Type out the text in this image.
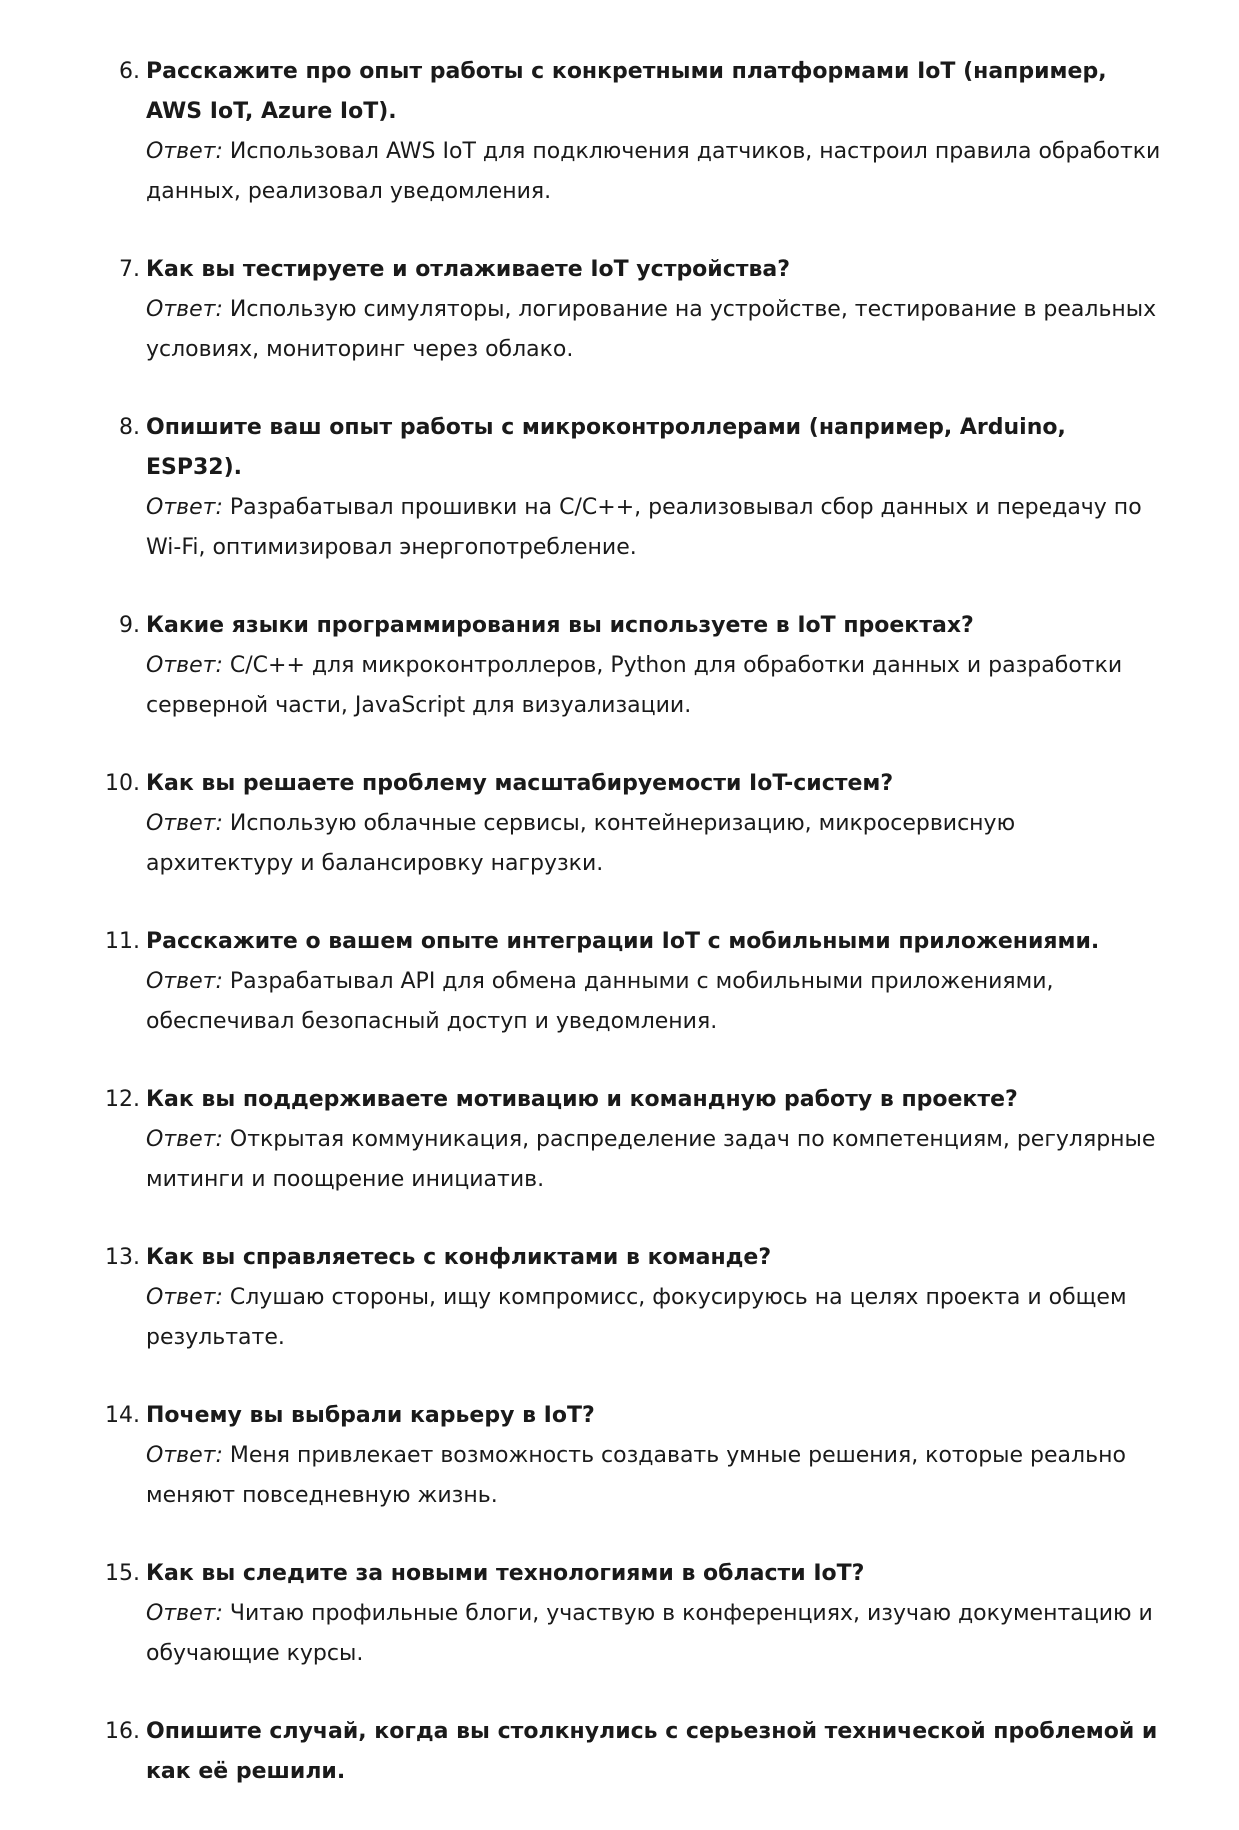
6. Расскажите про опыт работы с конкретными платформами IoT (например, AWS IoT, Azure IoT).
Ответ: Использовал AWS IoT для подключения датчиков, настроил правила обработки данных, реализовал уведомления.
7. Как вы тестируете и отлаживаете IoT устройства?
Ответ: Использую симуляторы, логирование на устройстве, тестирование в реальных условиях, мониторинг через облако.
8. Опишите ваш опыт работы с микроконтроллерами (например, Arduino, ESP32).
Ответ: Разрабатывал прошивки на C/C++, реализовывал сбор данных и передачу по Wi-Fi, оптимизировал энергопотребление.
9. Какие языки программирования вы используете в IoT проектах?
Ответ: C/C++ для микроконтроллеров, Python для обработки данных и разработки серверной части, JavaScript для визуализации.
10. Как вы решаете проблему масштабируемости IoT-систем?
Ответ: Использую облачные сервисы, контейнеризацию, микросервисную архитектуру и балансировку нагрузки.
11. Расскажите о вашем опыте интеграции IoT с мобильными приложениями.
Ответ: Разрабатывал API для обмена данными с мобильными приложениями, обеспечивал безопасный доступ и уведомления.
12. Как вы поддерживаете мотивацию и командную работу в проекте?
Ответ: Открытая коммуникация, распределение задач по компетенциям, регулярные митинги и поощрение инициатив.
13. Как вы справляетесь с конфликтами в команде?
Ответ: Слушаю стороны, ищу компромисс, фокусируюсь на целях проекта и общем результате.
14. Почему вы выбрали карьеру в IoT?
Ответ: Меня привлекает возможность создавать умные решения, которые реально меняют повседневную жизнь.
15. Как вы следите за новыми технологиями в области IoT?
Ответ: Читаю профильные блоги, участвую в конференциях, изучаю документацию и обучающие курсы.
16. Опишите случай, когда вы столкнулись с серьезной технической проблемой и как её решили.
